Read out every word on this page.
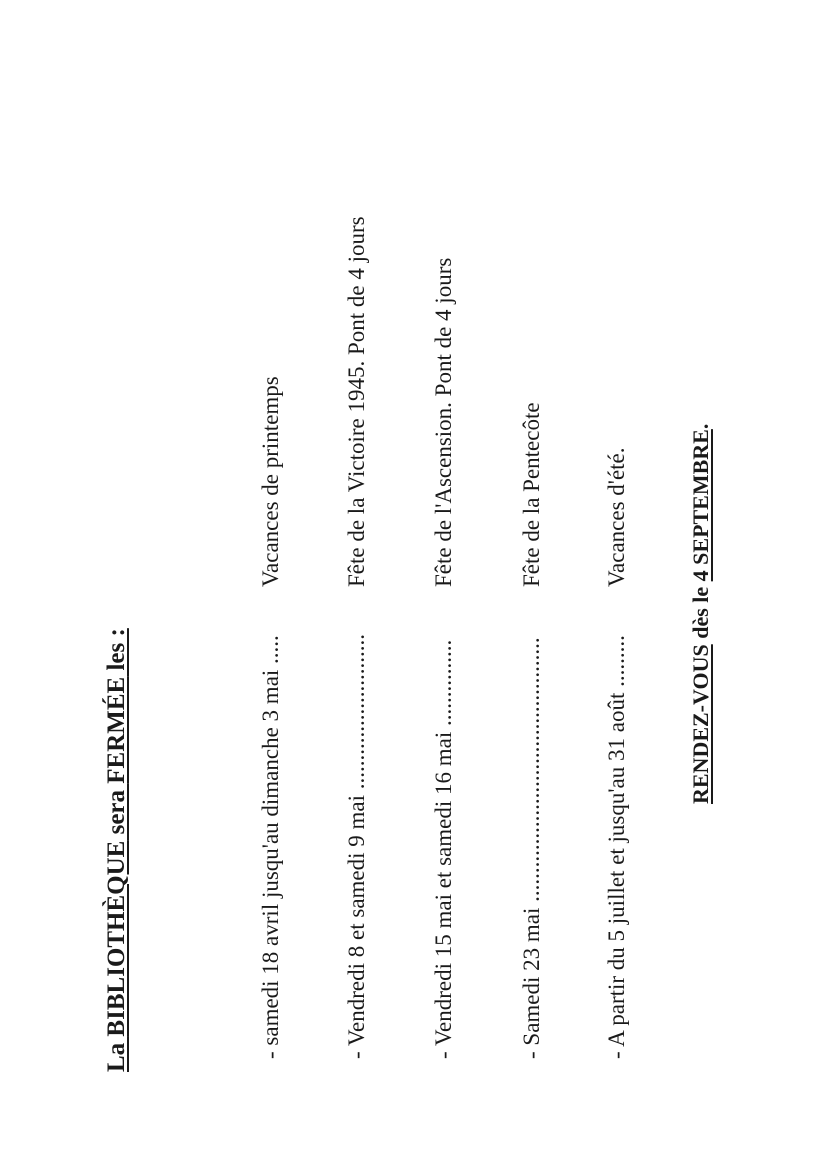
La BIBLIOTHÈQUE sera FERMÉE les :	- samedi 18 avril jusqu'au dimanche 3 mai .....
Vacances de printemps
- Vendredi 8 et samedi 9 mai ...........................
Fête de la Victoire 1945. Pont de 4 jours
- Vendredi 15 mai et samedi 16 mai ...............
Fête de l'Ascension. Pont de 4 jours
- Samedi 23 mai ..............................................
Fête de la Pentecôte
- A partir du 5 juillet et jusqu'au 31 août .........
Vacances d'été.
RENDEZ-VOUS dès le 4 SEPTEMBRE.
